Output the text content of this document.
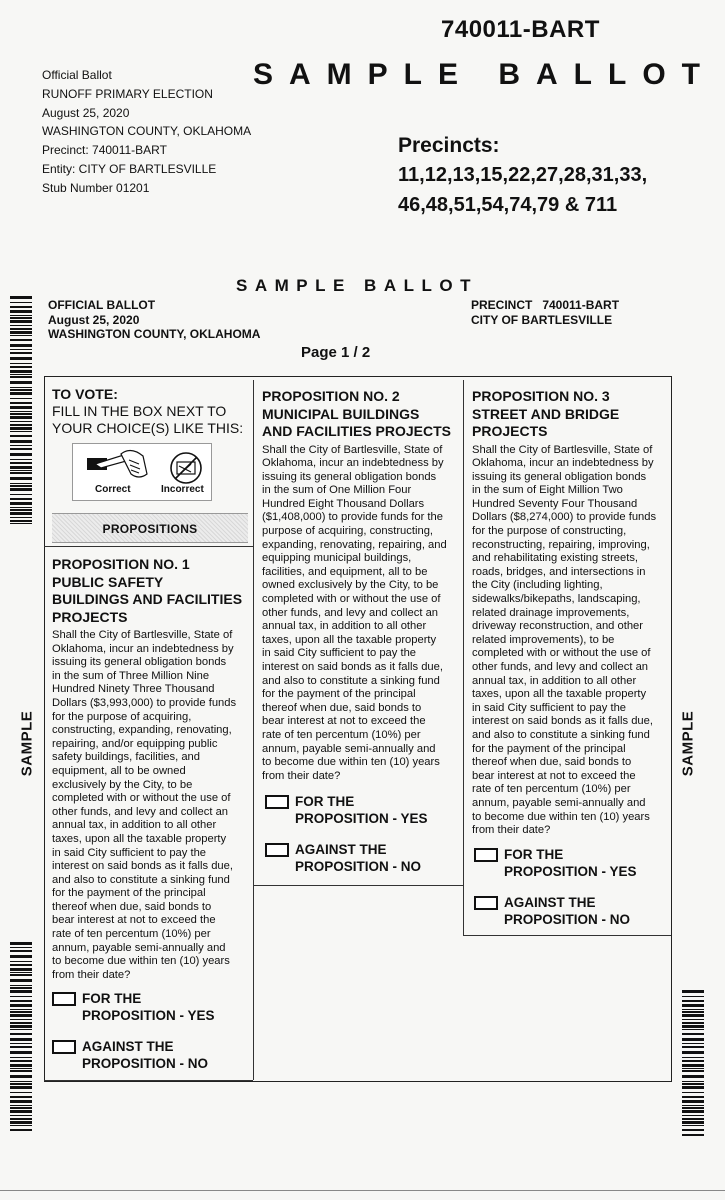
740011-BART
SAMPLE BALLOT
Official Ballot
RUNOFF PRIMARY ELECTION
August 25, 2020
WASHINGTON COUNTY, OKLAHOMA
Precinct: 740011-BART
Entity: CITY OF BARTLESVILLE
Stub Number 01201
Precincts:
11,12,13,15,22,27,28,31,33,
46,48,51,54,74,79 & 711
SAMPLE BALLOT
OFFICIAL BALLOT
August 25, 2020
WASHINGTON COUNTY, OKLAHOMA
PRECINCT   740011-BART
CITY OF BARTLESVILLE
Page 1 / 2
SAMPLE	SAMPLE
TO VOTE:
FILL IN THE BOX NEXT TO
YOUR CHOICE(S) LIKE THIS:
Correct	Incorrect
PROPOSITIONS
PROPOSITION NO. 1
PUBLIC SAFETY
BUILDINGS AND FACILITIES
PROJECTS
Shall the City of Bartlesville, State of
Oklahoma, incur an indebtedness by
issuing its general obligation bonds
in the sum of Three Million Nine
Hundred Ninety Three Thousand
Dollars ($3,993,000) to provide funds
for the purpose of acquiring,
constructing, expanding, renovating,
repairing, and/or equipping public
safety buildings, facilities, and
equipment, all to be owned
exclusively by the City, to be
completed with or without the use of
other funds, and levy and collect an
annual tax, in addition to all other
taxes, upon all the taxable property
in said City sufficient to pay the
interest on said bonds as it falls due,
and also to constitute a sinking fund
for the payment of the principal
thereof when due, said bonds to
bear interest at not to exceed the
rate of ten percentum (10%) per
annum, payable semi-annually and
to become due within ten (10) years
from their date?
FOR THE
PROPOSITION - YES
AGAINST THE
PROPOSITION - NO
PROPOSITION NO. 2
MUNICIPAL BUILDINGS
AND FACILITIES PROJECTS
Shall the City of Bartlesville, State of
Oklahoma, incur an indebtedness by
issuing its general obligation bonds
in the sum of One Million Four
Hundred Eight Thousand Dollars
($1,408,000) to provide funds for the
purpose of acquiring, constructing,
expanding, renovating, repairing, and
equipping municipal buildings,
facilities, and equipment, all to be
owned exclusively by the City, to be
completed with or without the use of
other funds, and levy and collect an
annual tax, in addition to all other
taxes, upon all the taxable property
in said City sufficient to pay the
interest on said bonds as it falls due,
and also to constitute a sinking fund
for the payment of the principal
thereof when due, said bonds to
bear interest at not to exceed the
rate of ten percentum (10%) per
annum, payable semi-annually and
to become due within ten (10) years
from their date?
FOR THE
PROPOSITION - YES
AGAINST THE
PROPOSITION - NO
PROPOSITION NO. 3
STREET AND BRIDGE
PROJECTS
Shall the City of Bartlesville, State of
Oklahoma, incur an indebtedness by
issuing its general obligation bonds
in the sum of Eight Million Two
Hundred Seventy Four Thousand
Dollars ($8,274,000) to provide funds
for the purpose of constructing,
reconstructing, repairing, improving,
and rehabilitating existing streets,
roads, bridges, and intersections in
the City (including lighting,
sidewalks/bikepaths, landscaping,
related drainage improvements,
driveway reconstruction, and other
related improvements), to be
completed with or without the use of
other funds, and levy and collect an
annual tax, in addition to all other
taxes, upon all the taxable property
in said City sufficient to pay the
interest on said bonds as it falls due,
and also to constitute a sinking fund
for the payment of the principal
thereof when due, said bonds to
bear interest at not to exceed the
rate of ten percentum (10%) per
annum, payable semi-annually and
to become due within ten (10) years
from their date?
FOR THE
PROPOSITION - YES
AGAINST THE
PROPOSITION - NO
